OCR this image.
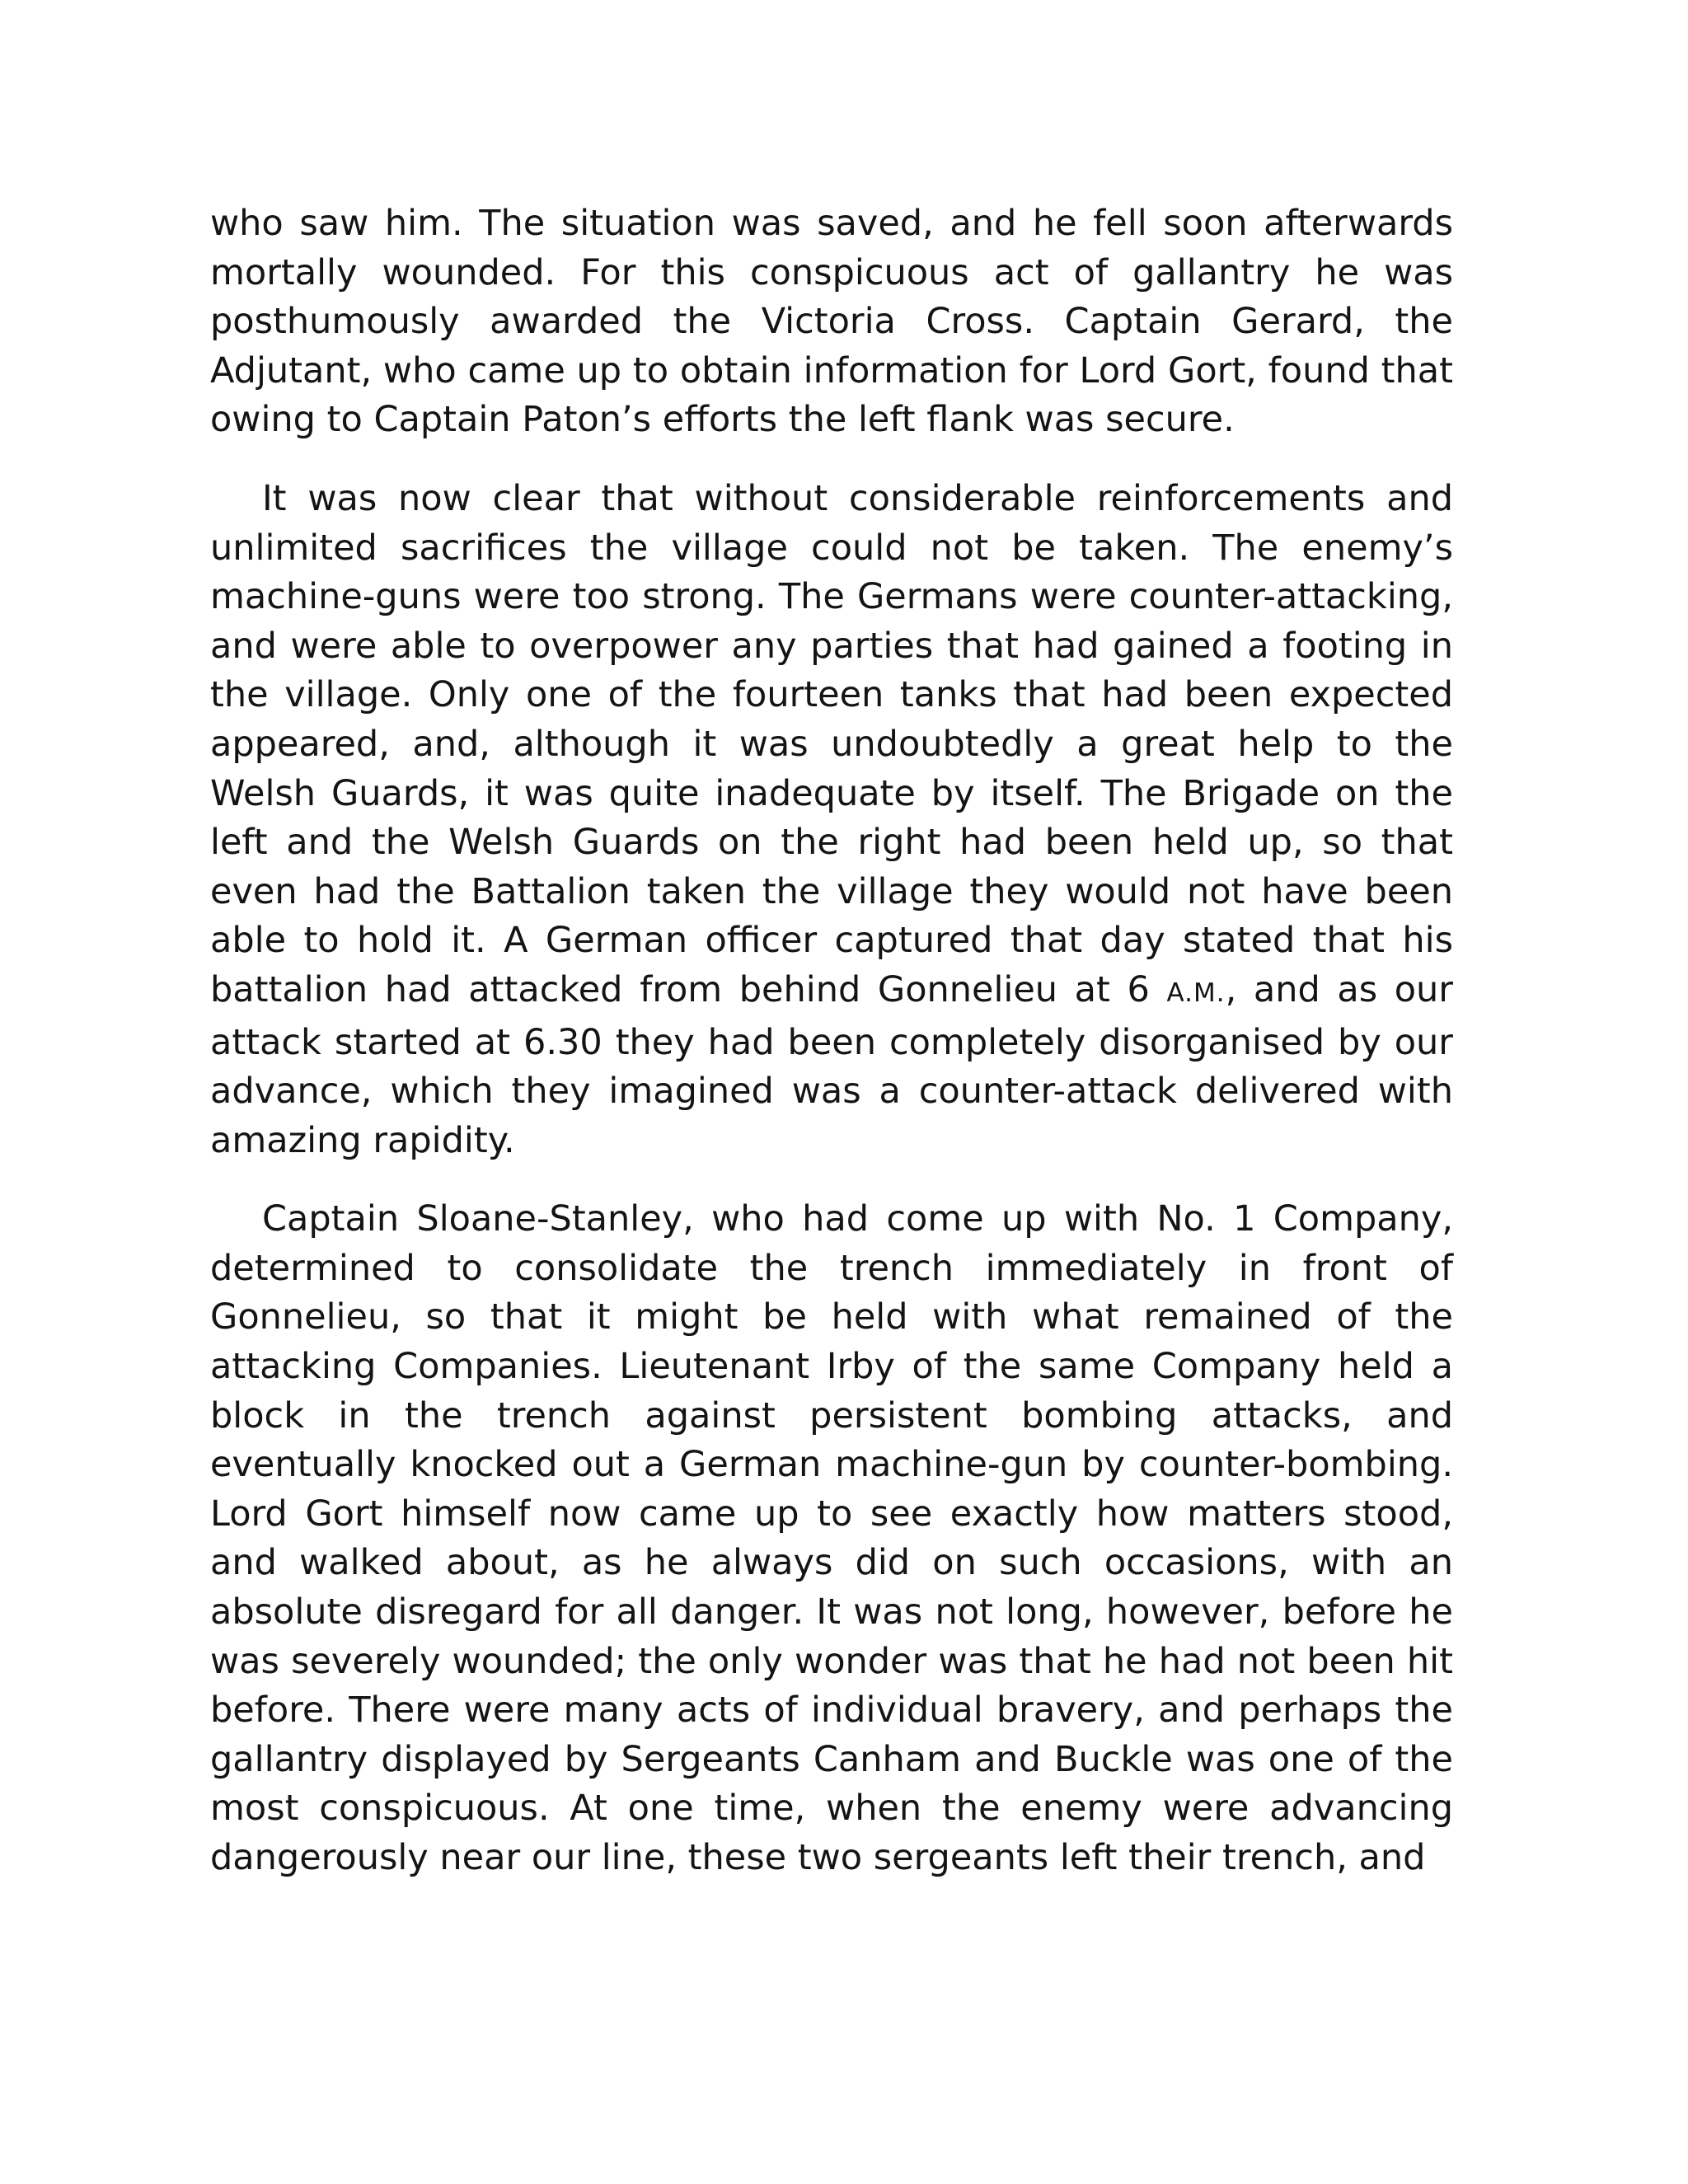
who saw him. The situation was saved, and he fell soon afterwards mortally wounded. For this conspicuous act of gallantry he was posthumously awarded the Victoria Cross. Captain Gerard, the Adjutant, who came up to obtain information for Lord Gort, found that owing to Captain Paton’s efforts the left flank was secure.

It was now clear that without considerable reinforcements and unlimited sacrifices the village could not be taken. The enemy’s machine-guns were too strong. The Germans were counter-attacking, and were able to overpower any parties that had gained a footing in the village. Only one of the fourteen tanks that had been expected appeared, and, although it was undoubtedly a great help to the Welsh Guards, it was quite inadequate by itself. The Brigade on the left and the Welsh Guards on the right had been held up, so that even had the Battalion taken the village they would not have been able to hold it. A German officer captured that day stated that his battalion had attacked from behind Gonnelieu at 6 A.M., and as our attack started at 6.30 they had been completely disorganised by our advance, which they imagined was a counter-attack delivered with amazing rapidity.

Captain Sloane-Stanley, who had come up with No. 1 Company, determined to consolidate the trench immediately in front of Gonnelieu, so that it might be held with what remained of the attacking Companies. Lieutenant Irby of the same Company held a block in the trench against persistent bombing attacks, and eventually knocked out a German machine-gun by counter-bombing. Lord Gort himself now came up to see exactly how matters stood, and walked about, as he always did on such occasions, with an absolute disregard for all danger. It was not long, however, before he was severely wounded; the only wonder was that he had not been hit before. There were many acts of individual bravery, and perhaps the gallantry displayed by Sergeants Canham and Buckle was one of the most conspicuous. At one time, when the enemy were advancing dangerously near our line, these two sergeants left their trench, and
